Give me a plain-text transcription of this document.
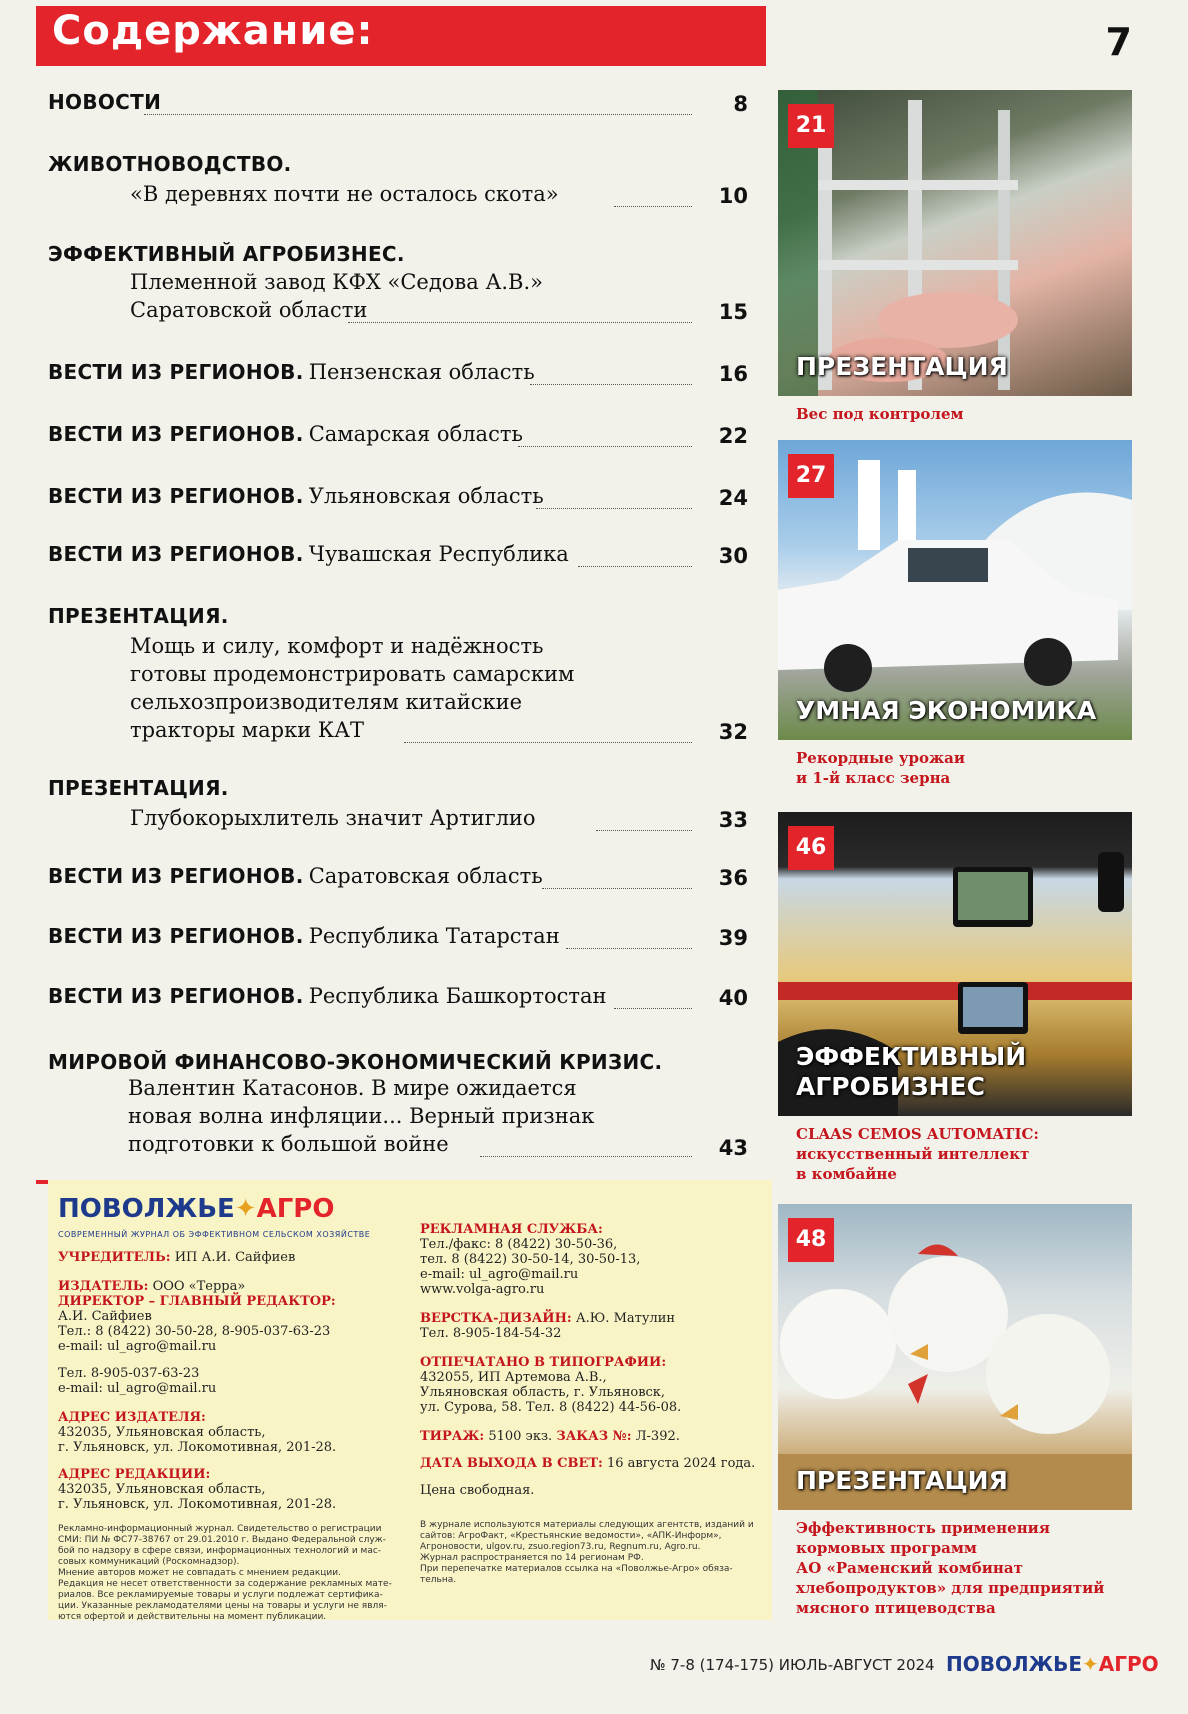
Содержание:	7
НОВОСТИ	8
ЖИВОТНОВОДСТВО.
«В деревнях почти не осталось скота»	10
ЭФФЕКТИВНЫЙ АГРОБИЗНЕС.
Племенной завод КФХ «Седова А.В.»
Саратовской области	15
ВЕСТИ ИЗ РЕГИОНОВ. Пензенская область	16
ВЕСТИ ИЗ РЕГИОНОВ. Самарская область	22
ВЕСТИ ИЗ РЕГИОНОВ. Ульяновская область	24
ВЕСТИ ИЗ РЕГИОНОВ. Чувашская Республика	30
ПРЕЗЕНТАЦИЯ.
Мощь и силу, комфорт и надёжность
готовы продемонстрировать самарским
сельхозпроизводителям китайские
тракторы марки КАТ	32
ПРЕЗЕНТАЦИЯ.
Глубокорыхлитель значит Артиглио	33
ВЕСТИ ИЗ РЕГИОНОВ. Саратовская область	36
ВЕСТИ ИЗ РЕГИОНОВ. Республика Татарстан	39
ВЕСТИ ИЗ РЕГИОНОВ. Республика Башкортостан	40
МИРОВОЙ ФИНАНСОВО-ЭКОНОМИЧЕСКИЙ КРИЗИС.
Валентин Катасонов. В мире ожидается
новая волна инфляции... Верный признак
подготовки к большой войне	43
21
ПРЕЗЕНТАЦИЯ
Вес под контролем
27
УМНАЯ ЭКОНОМИКА
Рекордные урожаи
и 1-й класс зерна
46
ЭФФЕКТИВНЫЙ
АГРОБИЗНЕС
CLAAS CEMOS AUTOMATIC:
искусственный интеллект
в комбайне
48
ПРЕЗЕНТАЦИЯ
Эффективность применения
кормовых программ
АО «Раменский комбинат
хлебопродуктов» для предприятий
мясного птицеводства
ПОВОЛЖЬЕ✦АГРО
СОВРЕМЕННЫЙ ЖУРНАЛ ОБ ЭФФЕКТИВНОМ СЕЛЬСКОМ ХОЗЯЙСТВЕ
УЧРЕДИТЕЛЬ: ИП А.И. Сайфиев
ИЗДАТЕЛЬ: ООО «Терра»
ДИРЕКТОР – ГЛАВНЫЙ РЕДАКТОР:
А.И. Сайфиев
Тел.: 8 (8422) 30-50-28, 8-905-037-63-23
e-mail: ul_agro@mail.ru
Тел. 8-905-037-63-23
e-mail: ul_agro@mail.ru
АДРЕС ИЗДАТЕЛЯ:
432035, Ульяновская область,
г. Ульяновск, ул. Локомотивная, 201-28.
АДРЕС РЕДАКЦИИ:
432035, Ульяновская область,
г. Ульяновск, ул. Локомотивная, 201-28.
РЕКЛАМНАЯ СЛУЖБА:
Тел./факс: 8 (8422) 30-50-36,
тел. 8 (8422) 30-50-14, 30-50-13,
e-mail: ul_agro@mail.ru
www.volga-agro.ru
ВЕРСТКА-ДИЗАЙН: А.Ю. Матулин
Тел. 8-905-184-54-32
ОТПЕЧАТАНО В ТИПОГРАФИИ:
432055, ИП Артемова А.В.,
Ульяновская область, г. Ульяновск,
ул. Сурова, 58. Тел. 8 (8422) 44-56-08.
ТИРАЖ: 5100 экз. ЗАКАЗ №: Л-392.
ДАТА ВЫХОДА В СВЕТ: 16 августа 2024 года.
Цена свободная.
Рекламно-информационный журнал. Свидетельство о регистрации
СМИ: ПИ № ФС77-38767 от 29.01.2010 г. Выдано Федеральной служ-
бой по надзору в сфере связи, информационных технологий и мас-
совых коммуникаций (Роскомнадзор).
Мнение авторов может не совпадать с мнением редакции.
Редакция не несет ответственности за содержание рекламных мате-
риалов. Все рекламируемые товары и услуги подлежат сертифика-
ции. Указанные рекламодателями цены на товары и услуги не явля-
ются офертой и действительны на момент публикации.
В журнале используются материалы следующих агентств, изданий и
сайтов: АгроФакт, «Крестьянские ведомости», «АПК-Информ»,
Агроновости, ulgov.ru, zsuo.region73.ru, Regnum.ru, Agro.ru.
Журнал распространяется по 14 регионам РФ.
При перепечатке материалов ссылка на «Поволжье-Агро» обяза-
тельна.
№ 7-8 (174-175) ИЮЛЬ-АВГУСТ 2024 ПОВОЛЖЬЕ✦АГРО
